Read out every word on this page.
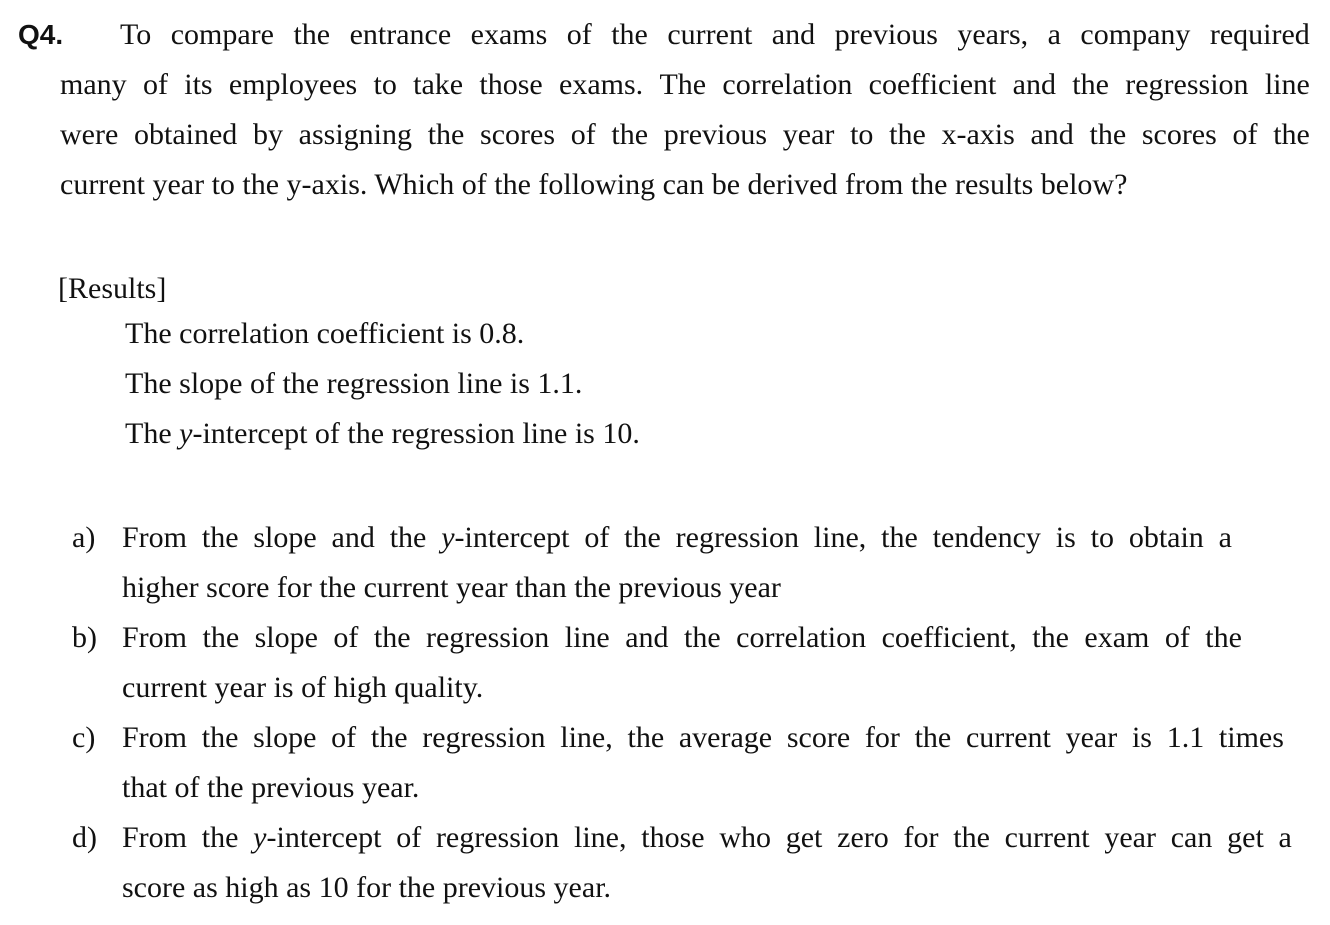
Q4. To compare the entrance exams of the current and previous years, a company required
many of its employees to take those exams. The correlation coefficient and the regression line
were obtained by assigning the scores of the previous year to the x-axis and the scores of the
current year to the y-axis. Which of the following can be derived from the results below?
[Results]
The correlation coefficient is 0.8.
The slope of the regression line is 1.1.
The y-intercept of the regression line is 10.
a) From the slope and the y-intercept of the regression line, the tendency is to obtain a
higher score for the current year than the previous year
b) From the slope of the regression line and the correlation coefficient, the exam of the
current year is of high quality.
c) From the slope of the regression line, the average score for the current year is 1.1 times
that of the previous year.
d) From the y-intercept of regression line, those who get zero for the current year can get a
score as high as 10 for the previous year.
